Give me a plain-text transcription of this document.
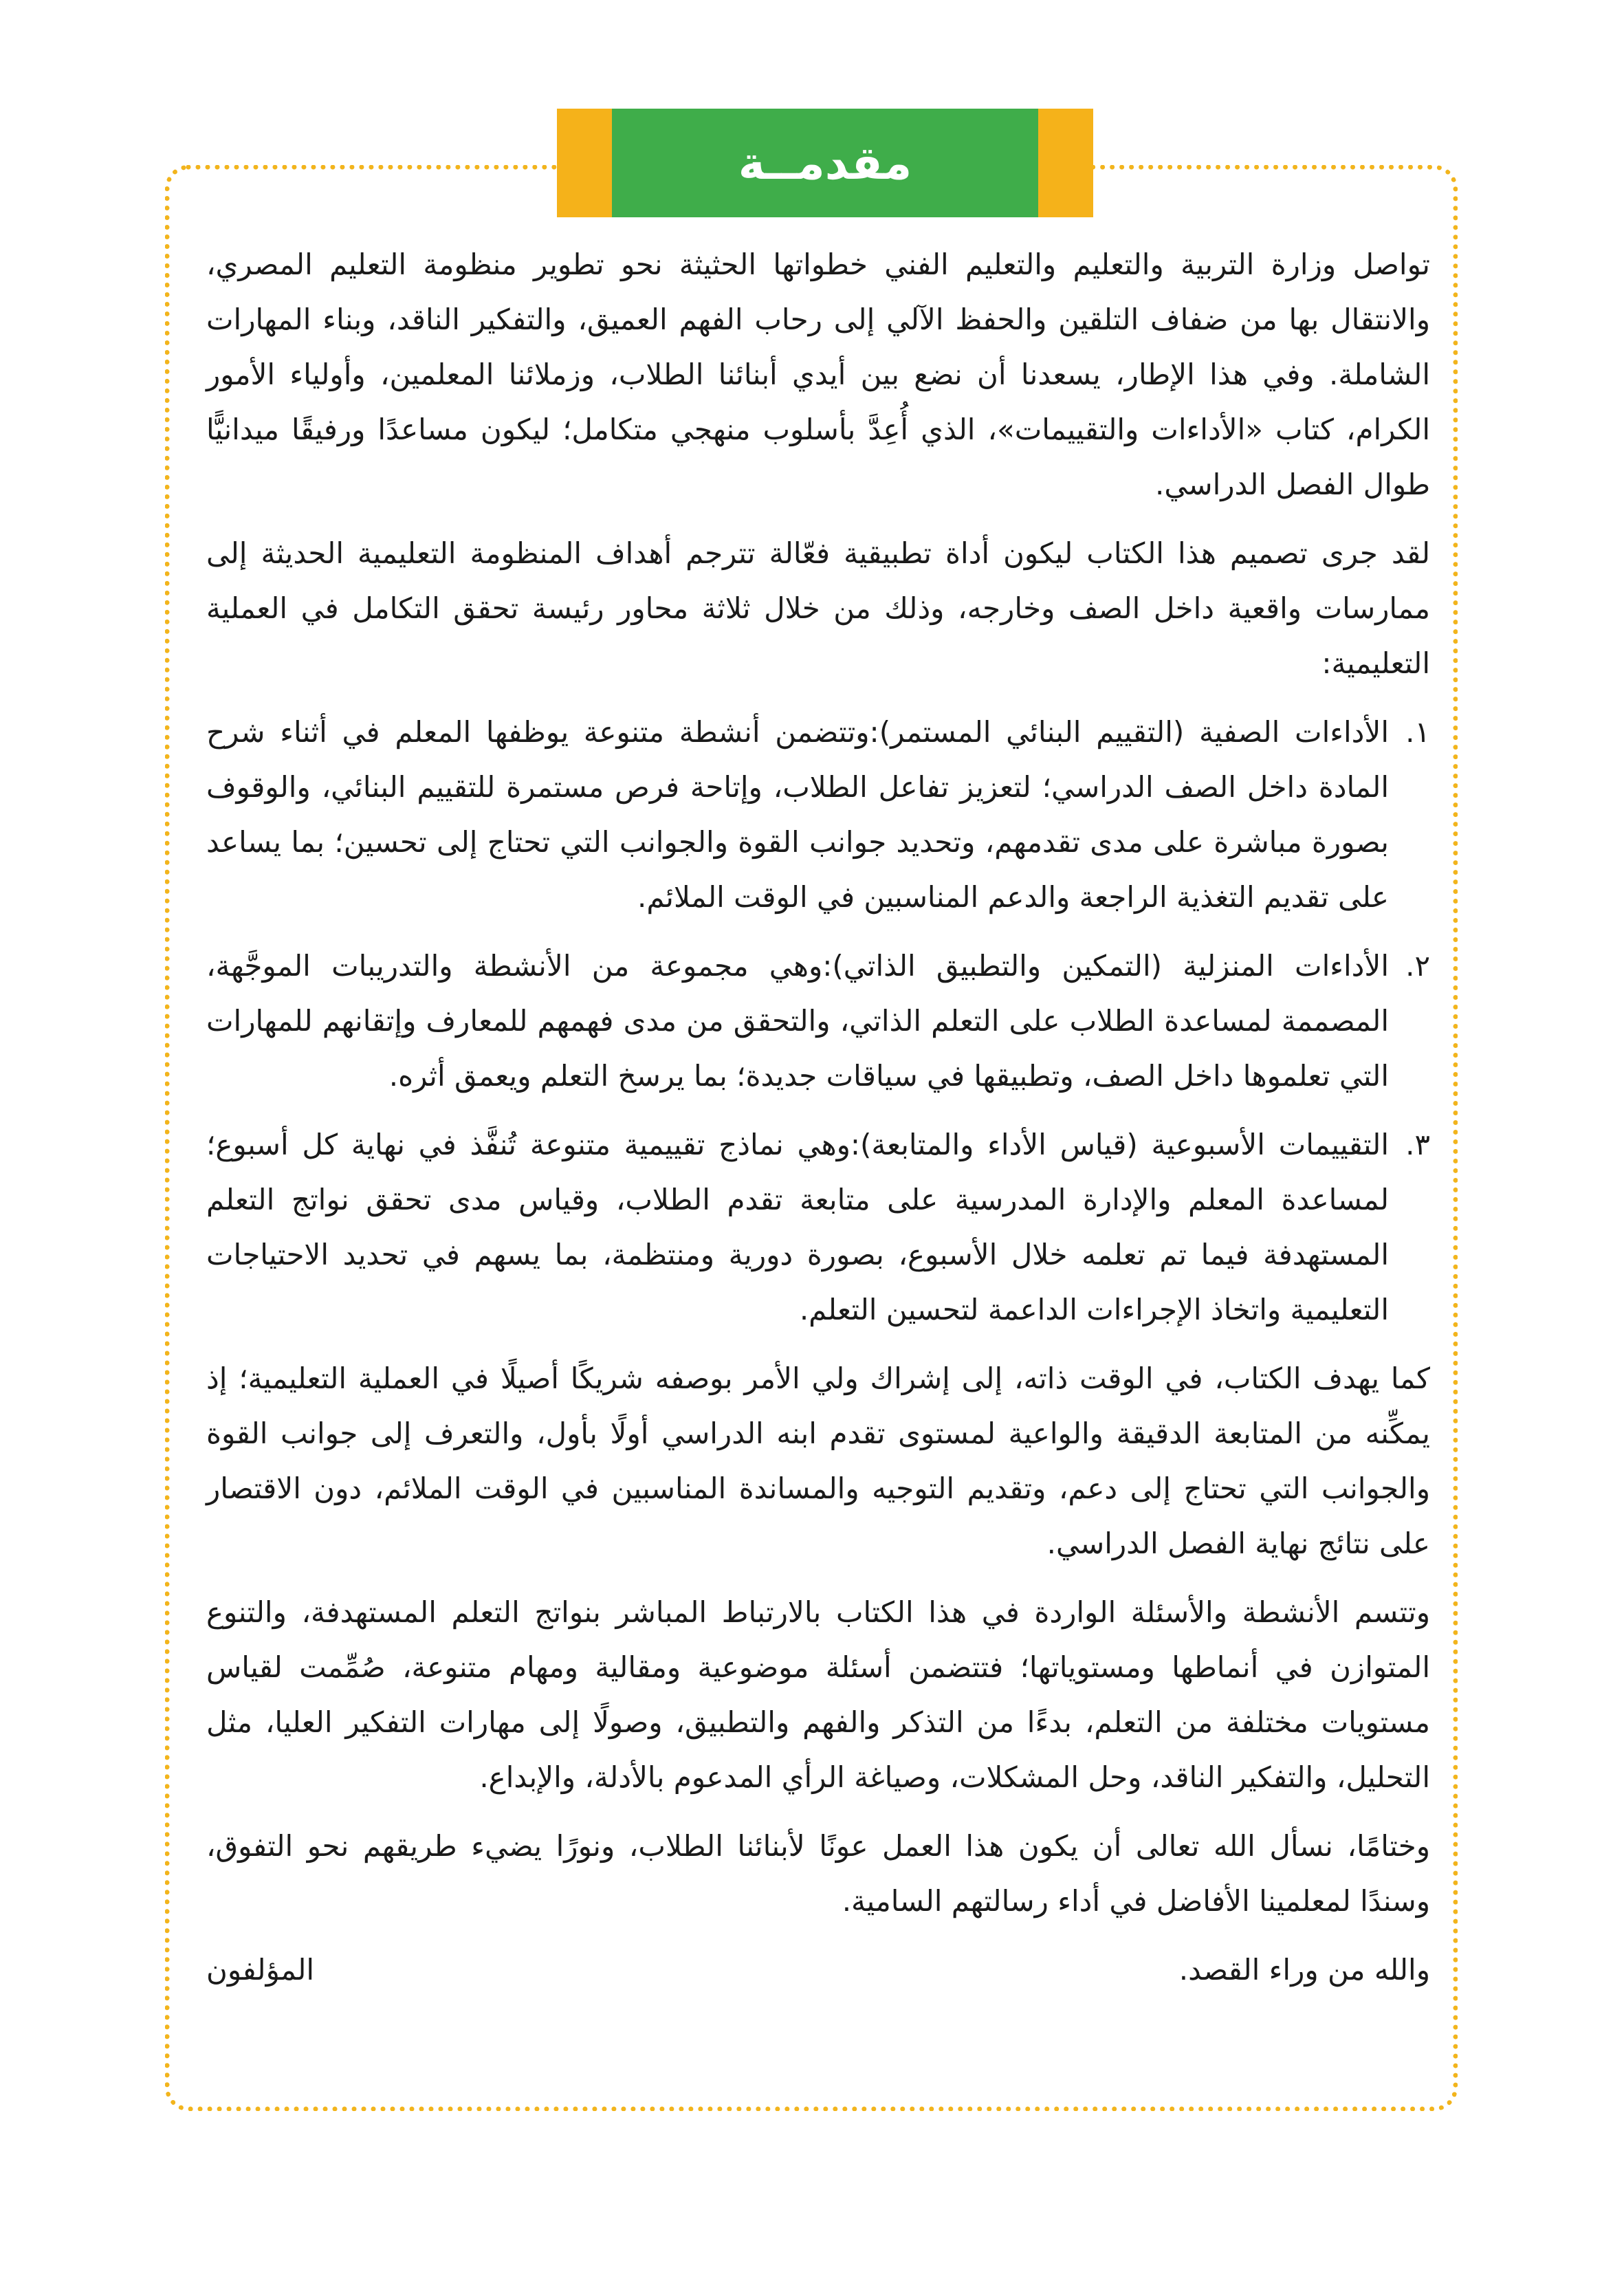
مقدمــة

تواصل وزارة التربية والتعليم والتعليم الفني خطواتها الحثيثة نحو تطوير منظومة التعليم المصري، والانتقال بها من ضفاف التلقين والحفظ الآلي إلى رحاب الفهم العميق، والتفكير الناقد، وبناء المهارات الشاملة. وفي هذا الإطار، يسعدنا أن نضع بين أيدي أبنائنا الطلاب، وزملائنا المعلمين، وأولياء الأمور الكرام، كتاب «الأداءات والتقييمات»، الذي أُعِدَّ بأسلوب منهجي متكامل؛ ليكون مساعدًا ورفيقًا ميدانيًّا طوال الفصل الدراسي.

لقد جرى تصميم هذا الكتاب ليكون أداة تطبيقية فعّالة تترجم أهداف المنظومة التعليمية الحديثة إلى ممارسات واقعية داخل الصف وخارجه، وذلك من خلال ثلاثة محاور رئيسة تحقق التكامل في العملية التعليمية:

١.
الأداءات الصفية (التقييم البنائي المستمر):وتتضمن أنشطة متنوعة يوظفها المعلم في أثناء شرح المادة داخل الصف الدراسي؛ لتعزيز تفاعل الطلاب، وإتاحة فرص مستمرة للتقييم البنائي، والوقوف بصورة مباشرة على مدى تقدمهم، وتحديد جوانب القوة والجوانب التي تحتاج إلى تحسين؛ بما يساعد على تقديم التغذية الراجعة والدعم المناسبين في الوقت الملائم.
٢.
الأداءات المنزلية (التمكين والتطبيق الذاتي):وهي مجموعة من الأنشطة والتدريبات الموجَّهة، المصممة لمساعدة الطلاب على التعلم الذاتي، والتحقق من مدى فهمهم للمعارف وإتقانهم للمهارات التي تعلموها داخل الصف، وتطبيقها في سياقات جديدة؛ بما يرسخ التعلم ويعمق أثره.
٣.
التقييمات الأسبوعية (قياس الأداء والمتابعة):وهي نماذج تقييمية متنوعة تُنفَّذ في نهاية كل أسبوع؛ لمساعدة المعلم والإدارة المدرسية على متابعة تقدم الطلاب، وقياس مدى تحقق نواتج التعلم المستهدفة فيما تم تعلمه خلال الأسبوع، بصورة دورية ومنتظمة، بما يسهم في تحديد الاحتياجات التعليمية واتخاذ الإجراءات الداعمة لتحسين التعلم.

كما يهدف الكتاب، في الوقت ذاته، إلى إشراك ولي الأمر بوصفه شريكًا أصيلًا في العملية التعليمية؛ إذ يمكِّنه من المتابعة الدقيقة والواعية لمستوى تقدم ابنه الدراسي أولًا بأول، والتعرف إلى جوانب القوة والجوانب التي تحتاج إلى دعم، وتقديم التوجيه والمساندة المناسبين في الوقت الملائم، دون الاقتصار على نتائج نهاية الفصل الدراسي.

وتتسم الأنشطة والأسئلة الواردة في هذا الكتاب بالارتباط المباشر بنواتج التعلم المستهدفة، والتنوع المتوازن في أنماطها ومستوياتها؛ فتتضمن أسئلة موضوعية ومقالية ومهام متنوعة، صُمِّمت لقياس مستويات مختلفة من التعلم، بدءًا من التذكر والفهم والتطبيق، وصولًا إلى مهارات التفكير العليا، مثل التحليل، والتفكير الناقد، وحل المشكلات، وصياغة الرأي المدعوم بالأدلة، والإبداع.

وختامًا، نسأل الله تعالى أن يكون هذا العمل عونًا لأبنائنا الطلاب، ونورًا يضيء طريقهم نحو التفوق، وسندًا لمعلمينا الأفاضل في أداء رسالتهم السامية.

والله من وراء القصد.
المؤلفون
